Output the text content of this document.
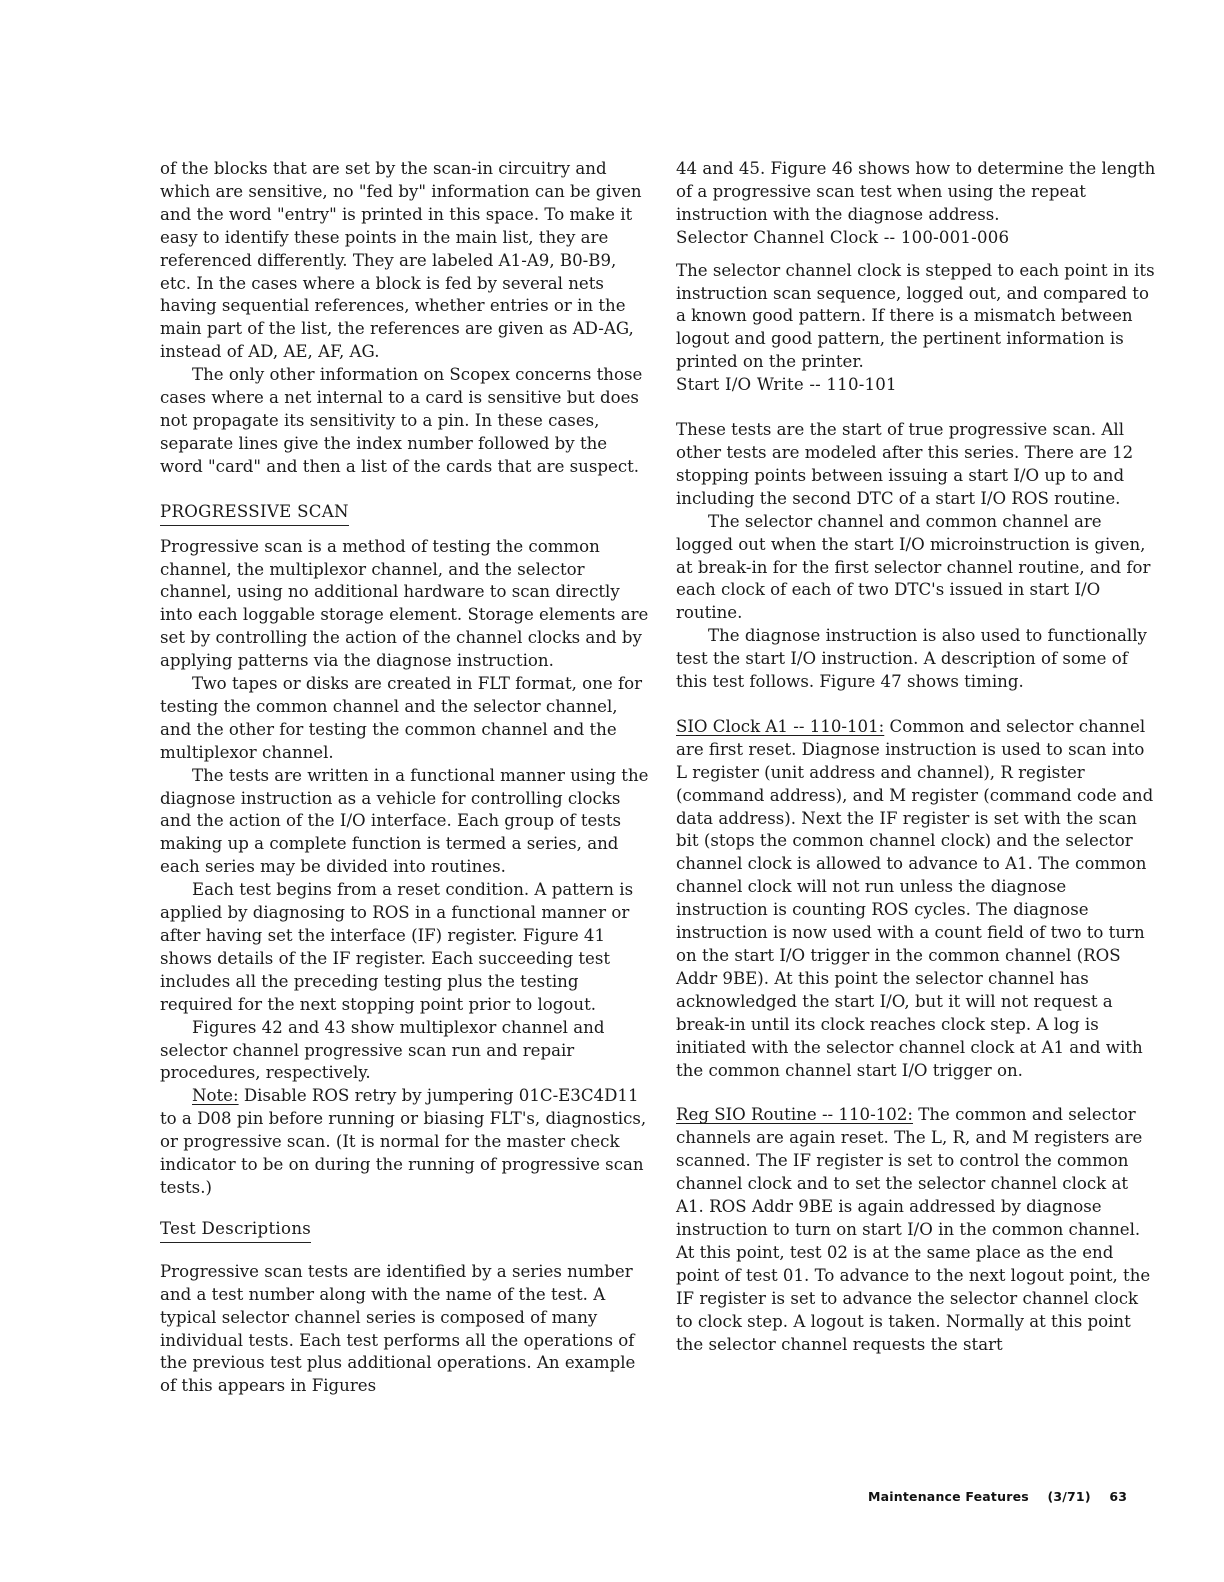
of the blocks that are set by the scan-in circuitry and which are sensitive, no "fed by" information can be given and the word "entry" is printed in this space. To make it easy to identify these points in the main list, they are referenced differently. They are labeled A1-A9, B0-B9, etc. In the cases where a block is fed by several nets having sequential references, whether entries or in the main part of the list, the references are given as AD-AG, instead of AD, AE, AF, AG.

The only other information on Scopex concerns those cases where a net internal to a card is sensitive but does not propagate its sensitivity to a pin. In these cases, separate lines give the index number followed by the word "card" and then a list of the cards that are suspect.

PROGRESSIVE SCAN

Progressive scan is a method of testing the common channel, the multiplexor channel, and the selector channel, using no additional hardware to scan directly into each loggable storage element. Storage elements are set by controlling the action of the channel clocks and by applying patterns via the diagnose instruction.

Two tapes or disks are created in FLT format, one for testing the common channel and the selector channel, and the other for testing the common channel and the multiplexor channel.

The tests are written in a functional manner using the diagnose instruction as a vehicle for controlling clocks and the action of the I/O interface. Each group of tests making up a complete function is termed a series, and each series may be divided into routines.

Each test begins from a reset condition. A pattern is applied by diagnosing to ROS in a functional manner or after having set the interface (IF) register. Figure 41 shows details of the IF register. Each succeeding test includes all the preceding testing plus the testing required for the next stopping point prior to logout.

Figures 42 and 43 show multiplexor channel and selector channel progressive scan run and repair procedures, respectively.

Note: Disable ROS retry by jumpering 01C-E3C4D11 to a D08 pin before running or biasing FLT's, diagnostics, or progressive scan. (It is normal for the master check indicator to be on during the running of progressive scan tests.)

Test Descriptions

Progressive scan tests are identified by a series number and a test number along with the name of the test. A typical selector channel series is composed of many individual tests. Each test performs all the operations of the previous test plus additional operations. An example of this appears in Figures

44 and 45. Figure 46 shows how to determine the length of a progressive scan test when using the repeat instruction with the diagnose address.

Selector Channel Clock -- 100-001-006

The selector channel clock is stepped to each point in its instruction scan sequence, logged out, and compared to a known good pattern. If there is a mismatch between logout and good pattern, the pertinent information is printed on the printer.

Start I/O Write -- 110-101

These tests are the start of true progressive scan. All other tests are modeled after this series. There are 12 stopping points between issuing a start I/O up to and including the second DTC of a start I/O ROS routine.

The selector channel and common channel are logged out when the start I/O microinstruction is given, at break-in for the first selector channel routine, and for each clock of each of two DTC's issued in start I/O routine.

The diagnose instruction is also used to functionally test the start I/O instruction. A description of some of this test follows. Figure 47 shows timing.

SIO Clock A1 -- 110-101: Common and selector channel are first reset. Diagnose instruction is used to scan into L register (unit address and channel), R register (command address), and M register (command code and data address). Next the IF register is set with the scan bit (stops the common channel clock) and the selector channel clock is allowed to advance to A1. The common channel clock will not run unless the diagnose instruction is counting ROS cycles. The diagnose instruction is now used with a count field of two to turn on the start I/O trigger in the common channel (ROS Addr 9BE). At this point the selector channel has acknowledged the start I/O, but it will not request a break-in until its clock reaches clock step. A log is initiated with the selector channel clock at A1 and with the common channel start I/O trigger on.

Reg SIO Routine -- 110-102: The common and selector channels are again reset. The L, R, and M registers are scanned. The IF register is set to control the common channel clock and to set the selector channel clock at A1. ROS Addr 9BE is again addressed by diagnose instruction to turn on start I/O in the common channel. At this point, test 02 is at the same place as the end point of test 01. To advance to the next logout point, the IF register is set to advance the selector channel clock to clock step. A logout is taken. Normally at this point the selector channel requests the start

Maintenance Features (3/71) 63
